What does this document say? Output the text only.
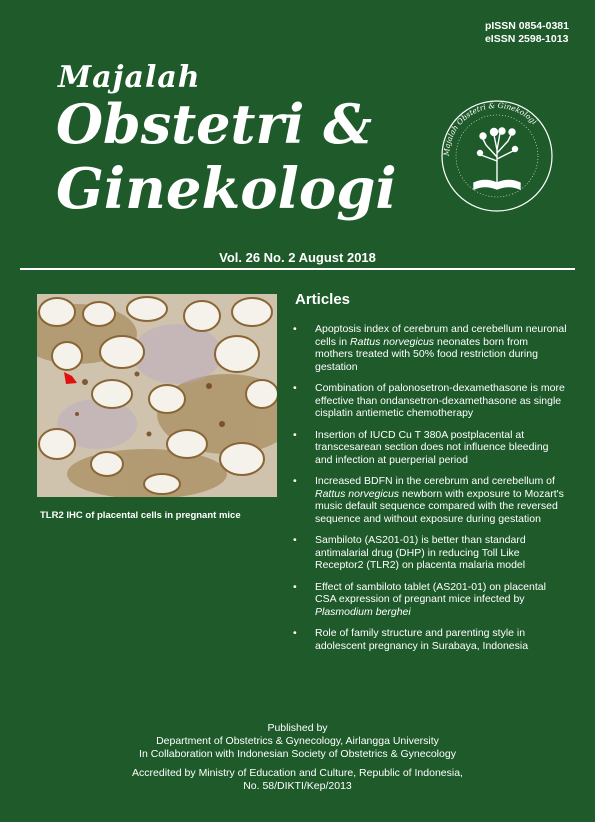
pISSN 0854-0381
eISSN 2598-1013
Majalah
Obstetri &
Ginekologi
Majalah Obstetri & Ginekologi
Vol. 26 No. 2 August 2018
TLR2 IHC of placental cells in pregnant mice
Articles
• Apoptosis index of cerebrum and cerebellum neuronal cells in Rattus norvegicus neonates born from mothers treated with 50% food restriction during gestation
• Combination of palonosetron-dexamethasone is more effective than ondansetron-dexamethasone as single cisplatin antiemetic chemotherapy
• Insertion of IUCD Cu T 380A postplacental at transcesarean section does not influence bleeding and infection at puerperial period
• Increased BDFN in the cerebrum and cerebellum of Rattus norvegicus newborn with exposure to Mozart's music default sequence compared with the reversed sequence and without exposure during gestation
• Sambiloto (AS201-01) is better than standard antimalarial drug (DHP) in reducing Toll Like Receptor2 (TLR2) on placenta malaria model
• Effect of sambiloto tablet (AS201-01) on placental CSA expression of pregnant mice infected by Plasmodium berghei
• Role of family structure and parenting style in adolescent pregnancy in Surabaya, Indonesia
Published by
Department of Obstetrics & Gynecology, Airlangga University
In Collaboration with Indonesian Society of Obstetrics & Gynecology
Accredited by Ministry of Education and Culture, Republic of Indonesia,
No. 58/DIKTI/Kep/2013
